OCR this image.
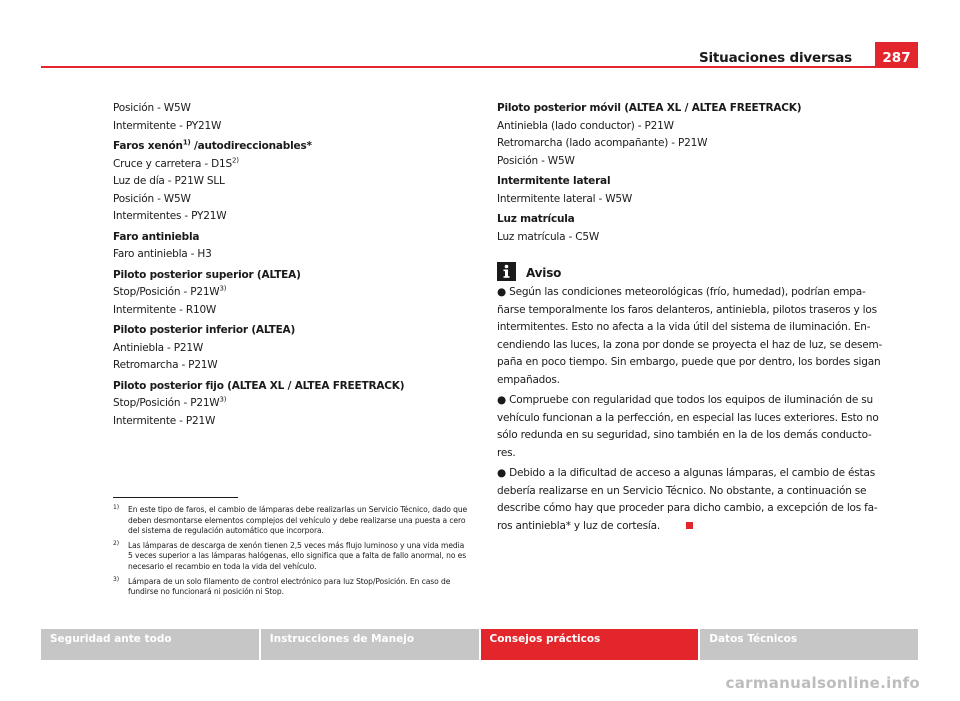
Situaciones diversas	287
Posición - W5W
Intermitente - PY21W
Faros xenón$^{1)}$ /autodireccionables*
Cruce y carretera - $D1S^{2)}$
Luz de día - P21W SLL
Posición - W5W
Intermitentes - PY21W
Faro antiniebla
Faro antiniebla - H3
Piloto posterior superior (ALTEA)
Stop/Posición - $P21W^{3)}$
Intermitente - R10W
Piloto posterior inferior (ALTEA)
Antiniebla - P21W
Retromarcha - P21W
Piloto posterior fijo (ALTEA XL / ALTEA FREETRACK)
Stop/Posición - $P21W^{3)}$
Intermitente - P21W
Piloto posterior móvil (ALTEA XL / ALTEA FREETRACK)
Antiniebla (lado conductor) - P21W
Retromarcha (lado acompañante) - P21W
Posición - W5W
Intermitente lateral
Intermitente lateral - W5W
Luz matrícula
Luz matrícula - C5W
Aviso
● Según las condiciones meteorológicas (frío, humedad), podrían empa-
ñarse temporalmente los faros delanteros, antiniebla, pilotos traseros y los
intermitentes. Esto no afecta a la vida útil del sistema de iluminación. En-
cendiendo las luces, la zona por donde se proyecta el haz de luz, se desem-
paña en poco tiempo. Sin embargo, puede que por dentro, los bordes sigan
empañados.
● Compruebe con regularidad que todos los equipos de iluminación de su
vehículo funcionan a la perfección, en especial las luces exteriores. Esto no
sólo redunda en su seguridad, sino también en la de los demás conducto-
res.
● Debido a la dificultad de acceso a algunas lámparas, el cambio de éstas
debería realizarse en un Servicio Técnico. No obstante, a continuación se
describe cómo hay que proceder para dicho cambio, a excepción de los fa-
ros antiniebla* y luz de cortesía.
1) En este tipo de faros, el cambio de lámparas debe realizarlas un Servicio Técnico, dado que
deben desmontarse elementos complejos del vehículo y debe realizarse una puesta a cero
del sistema de regulación automático que incorpora.
2) Las lámparas de descarga de xenón tienen 2,5 veces más flujo luminoso y una vida media
5 veces superior a las lámparas halógenas, ello significa que a falta de fallo anormal, no es
necesario el recambio en toda la vida del vehículo.
3) Lámpara de un solo filamento de control electrónico para luz Stop/Posición. En caso de
fundirse no funcionará ni posición ni Stop.
Seguridad ante todo	Instrucciones de Manejo	Consejos prácticos	Datos Técnicos
carmanualsonline.info
